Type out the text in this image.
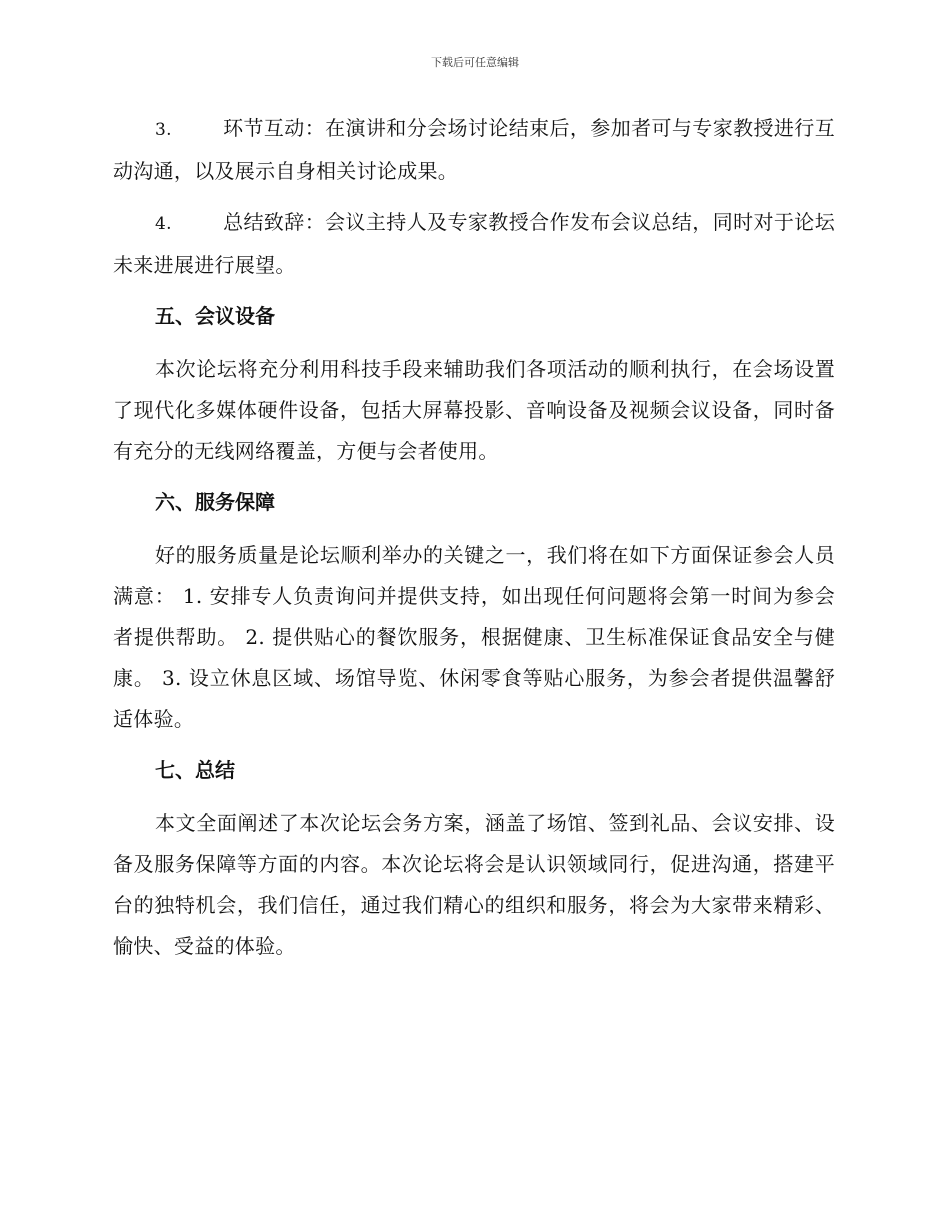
下载后可任意编辑

3.	环节互动：在演讲和分会场讨论结束后，参加者可与专家教授进行互动沟通，以及展示自身相关讨论成果。

4.	总结致辞：会议主持人及专家教授合作发布会议总结，同时对于论坛未来进展进行展望。

五、会议设备

本次论坛将充分利用科技手段来辅助我们各项活动的顺利执行，在会场设置了现代化多媒体硬件设备，包括大屏幕投影、音响设备及视频会议设备，同时备有充分的无线网络覆盖，方便与会者使用。

六、服务保障

好的服务质量是论坛顺利举办的关键之一，我们将在如下方面保证参会人员满意： 1. 安排专人负责询问并提供支持，如出现任何问题将会第一时间为参会者提供帮助。 2. 提供贴心的餐饮服务，根据健康、卫生标准保证食品安全与健康。 3. 设立休息区域、场馆导览、休闲零食等贴心服务，为参会者提供温馨舒适体验。

七、总结

本文全面阐述了本次论坛会务方案，涵盖了场馆、签到礼品、会议安排、设备及服务保障等方面的内容。本次论坛将会是认识领域同行，促进沟通，搭建平台的独特机会，我们信任，通过我们精心的组织和服务，将会为大家带来精彩、愉快、受益的体验。
